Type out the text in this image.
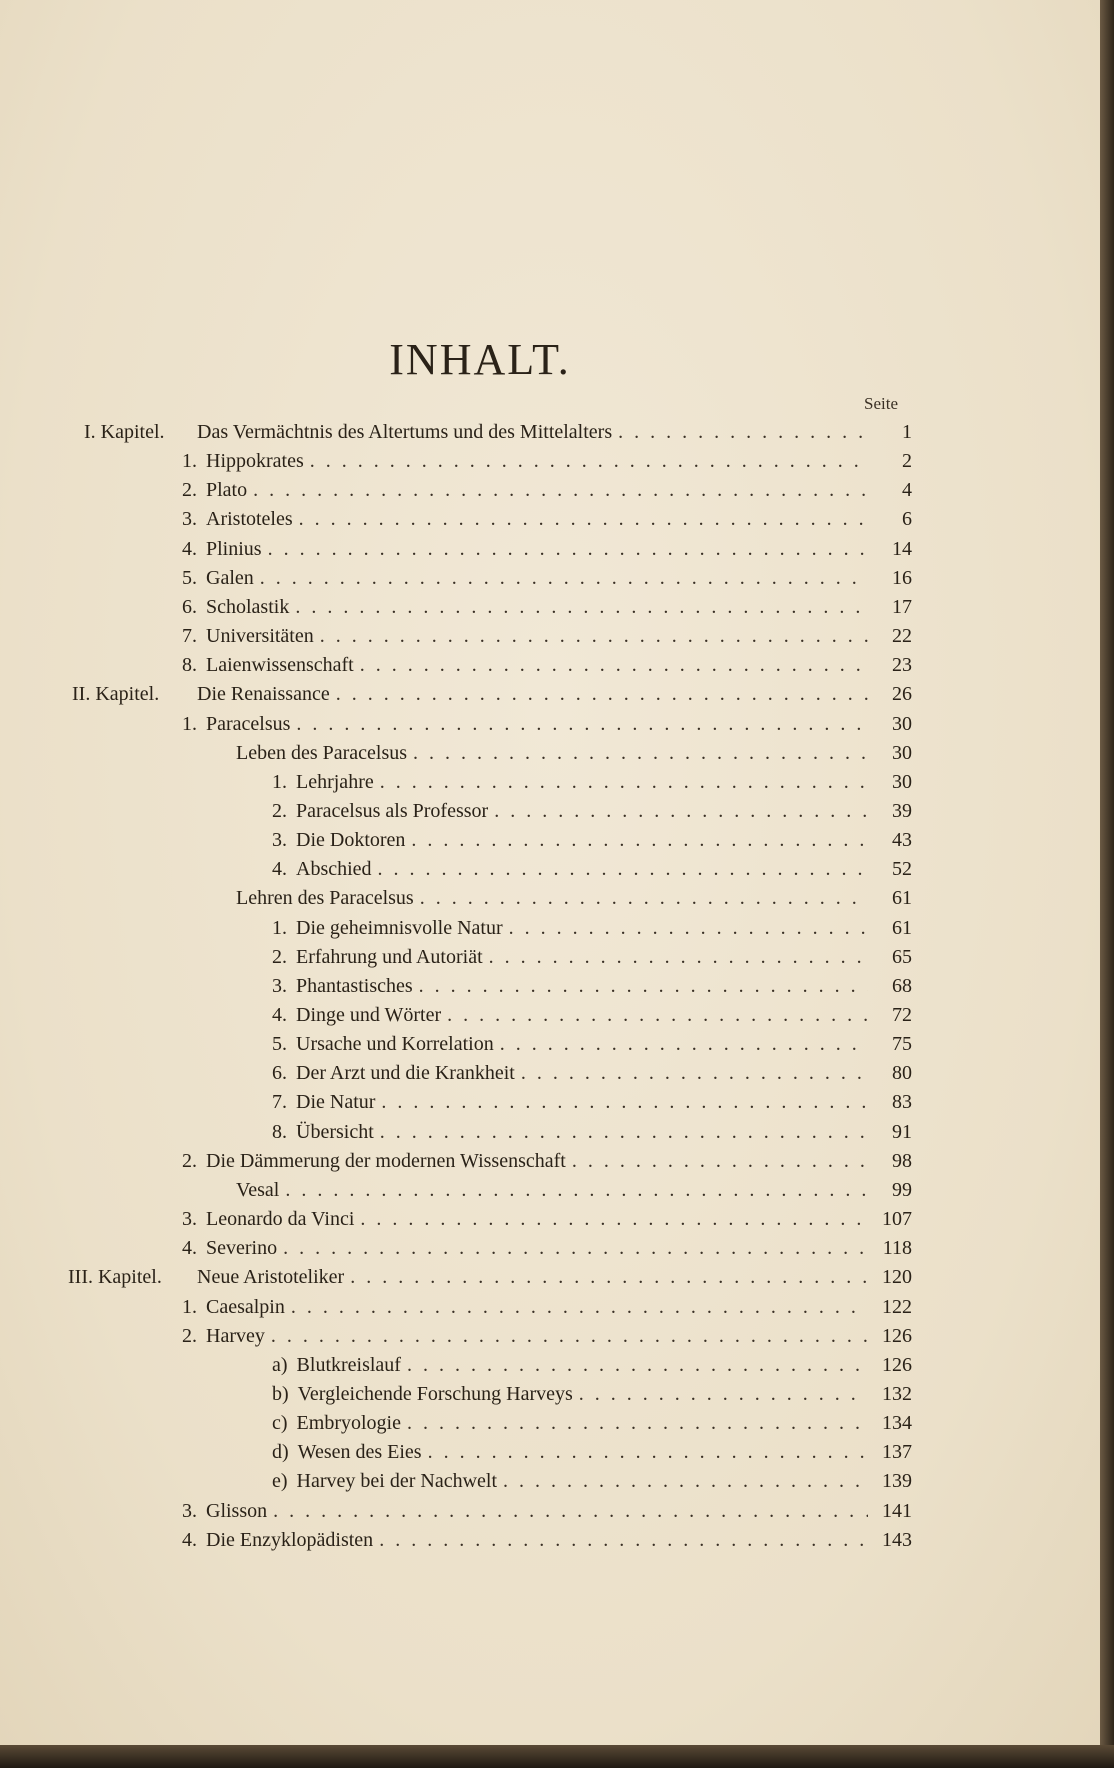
INHALT.
Seite
I. Kapitel. Das Vermächtnis des Altertums und des Mittelalters . . .	1
1. Hippokrates . . .	2
2. Plato . . .	4
3. Aristoteles . . .	6
4. Plinius . . .	14
5. Galen . . .	16
6. Scholastik . . .	17
7. Universitäten . . .	22
8. Laienwissenschaft . . .	23
II. Kapitel. Die Renaissance . . .	26
1. Paracelsus . . .	30
Leben des Paracelsus . . .	30
1. Lehrjahre . . .	30
2. Paracelsus als Professor . . .	39
3. Die Doktoren . . .	43
4. Abschied . . .	52
Lehren des Paracelsus . . .	61
1. Die geheimnisvolle Natur . . .	61
2. Erfahrung und Autoriät . . .	65
3. Phantastisches . . .	68
4. Dinge und Wörter . . .	72
5. Ursache und Korrelation . . .	75
6. Der Arzt und die Krankheit . . .	80
7. Die Natur . . .	83
8. Übersicht . . .	91
2. Die Dämmerung der modernen Wissenschaft . . .	98
Vesal . . .	99
3. Leonardo da Vinci . . .	107
4. Severino . . .	118
III. Kapitel. Neue Aristoteliker . . .	120
1. Caesalpin . . .	122
2. Harvey . . .	126
a) Blutkreislauf . . .	126
b) Vergleichende Forschung Harveys . . .	132
c) Embryologie . . .	134
d) Wesen des Eies . . .	137
e) Harvey bei der Nachwelt . . .	139
3. Glisson . . .	141
4. Die Enzyklopädisten . . .	143
